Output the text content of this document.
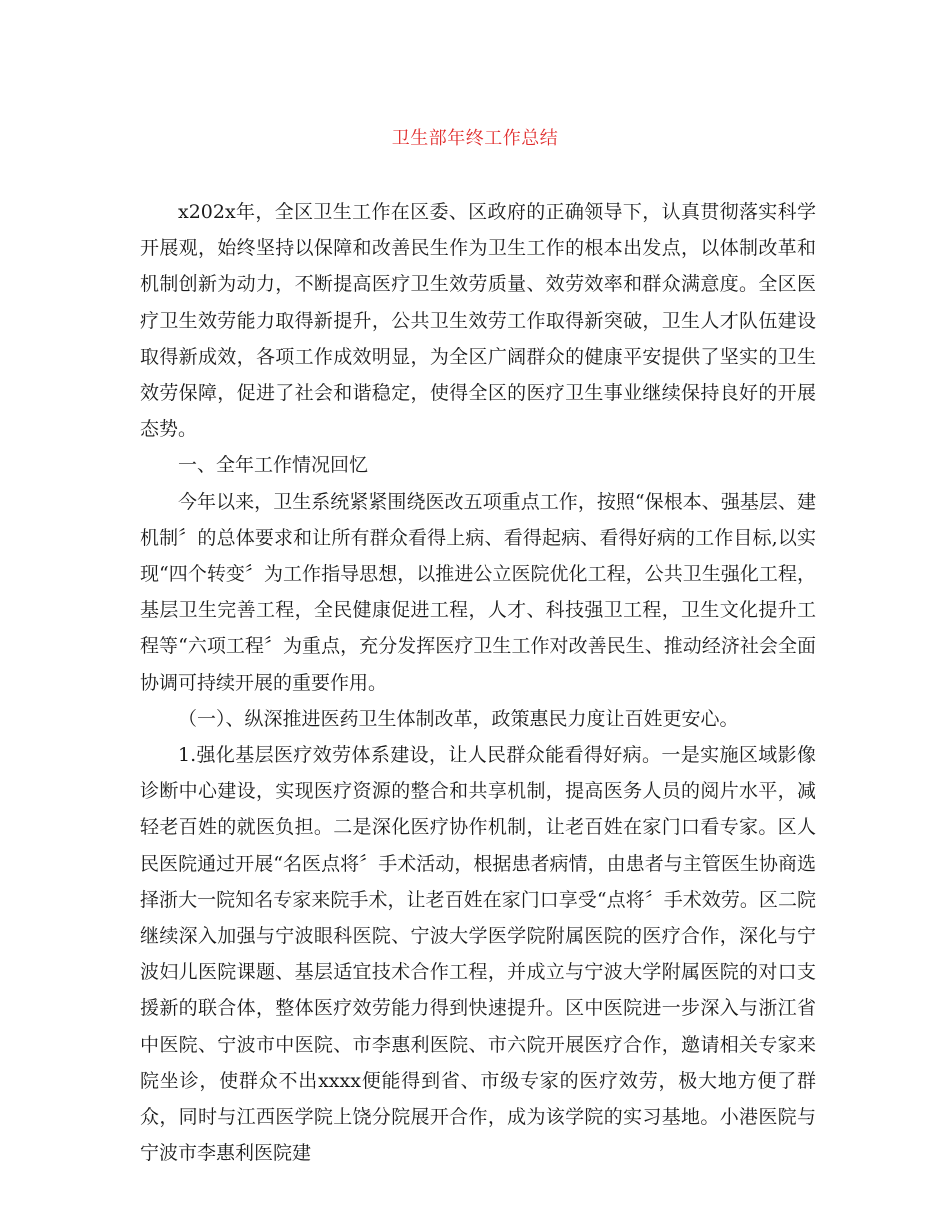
卫生部年终工作总结

x202x年，全区卫生工作在区委、区政府的正确领导下，认真贯彻落实科学开展观，始终坚持以保障和改善民生作为卫生工作的根本出发点，以体制改革和机制创新为动力，不断提高医疗卫生效劳质量、效劳效率和群众满意度。全区医疗卫生效劳能力取得新提升，公共卫生效劳工作取得新突破，卫生人才队伍建设取得新成效，各项工作成效明显，为全区广阔群众的健康平安提供了坚实的卫生效劳保障，促进了社会和谐稳定，使得全区的医疗卫生事业继续保持良好的开展态势。

一、全年工作情况回忆

今年以来，卫生系统紧紧围绕医改五项重点工作，按照“保根本、强基层、建机制〞的总体要求和让所有群众看得上病、看得起病、看得好病的工作目标,以实现“四个转变〞为工作指导思想，以推进公立医院优化工程，公共卫生强化工程，基层卫生完善工程，全民健康促进工程，人才、科技强卫工程，卫生文化提升工程等“六项工程〞为重点，充分发挥医疗卫生工作对改善民生、推动经济社会全面协调可持续开展的重要作用。

（一）、纵深推进医药卫生体制改革，政策惠民力度让百姓更安心。

1.强化基层医疗效劳体系建设，让人民群众能看得好病。一是实施区域影像诊断中心建设，实现医疗资源的整合和共享机制，提高医务人员的阅片水平，减轻老百姓的就医负担。二是深化医疗协作机制，让老百姓在家门口看专家。区人民医院通过开展“名医点将〞手术活动，根据患者病情，由患者与主管医生协商选择浙大一院知名专家来院手术，让老百姓在家门口享受“点将〞手术效劳。区二院继续深入加强与宁波眼科医院、宁波大学医学院附属医院的医疗合作，深化与宁波妇儿医院课题、基层适宜技术合作工程，并成立与宁波大学附属医院的对口支援新的联合体，整体医疗效劳能力得到快速提升。区中医院进一步深入与浙江省中医院、宁波市中医院、市李惠利医院、市六院开展医疗合作，邀请相关专家来院坐诊，使群众不出xxxx便能得到省、市级专家的医疗效劳，极大地方便了群众，同时与江西医学院上饶分院展开合作，成为该学院的实习基地。小港医院与宁波市李惠利医院建
